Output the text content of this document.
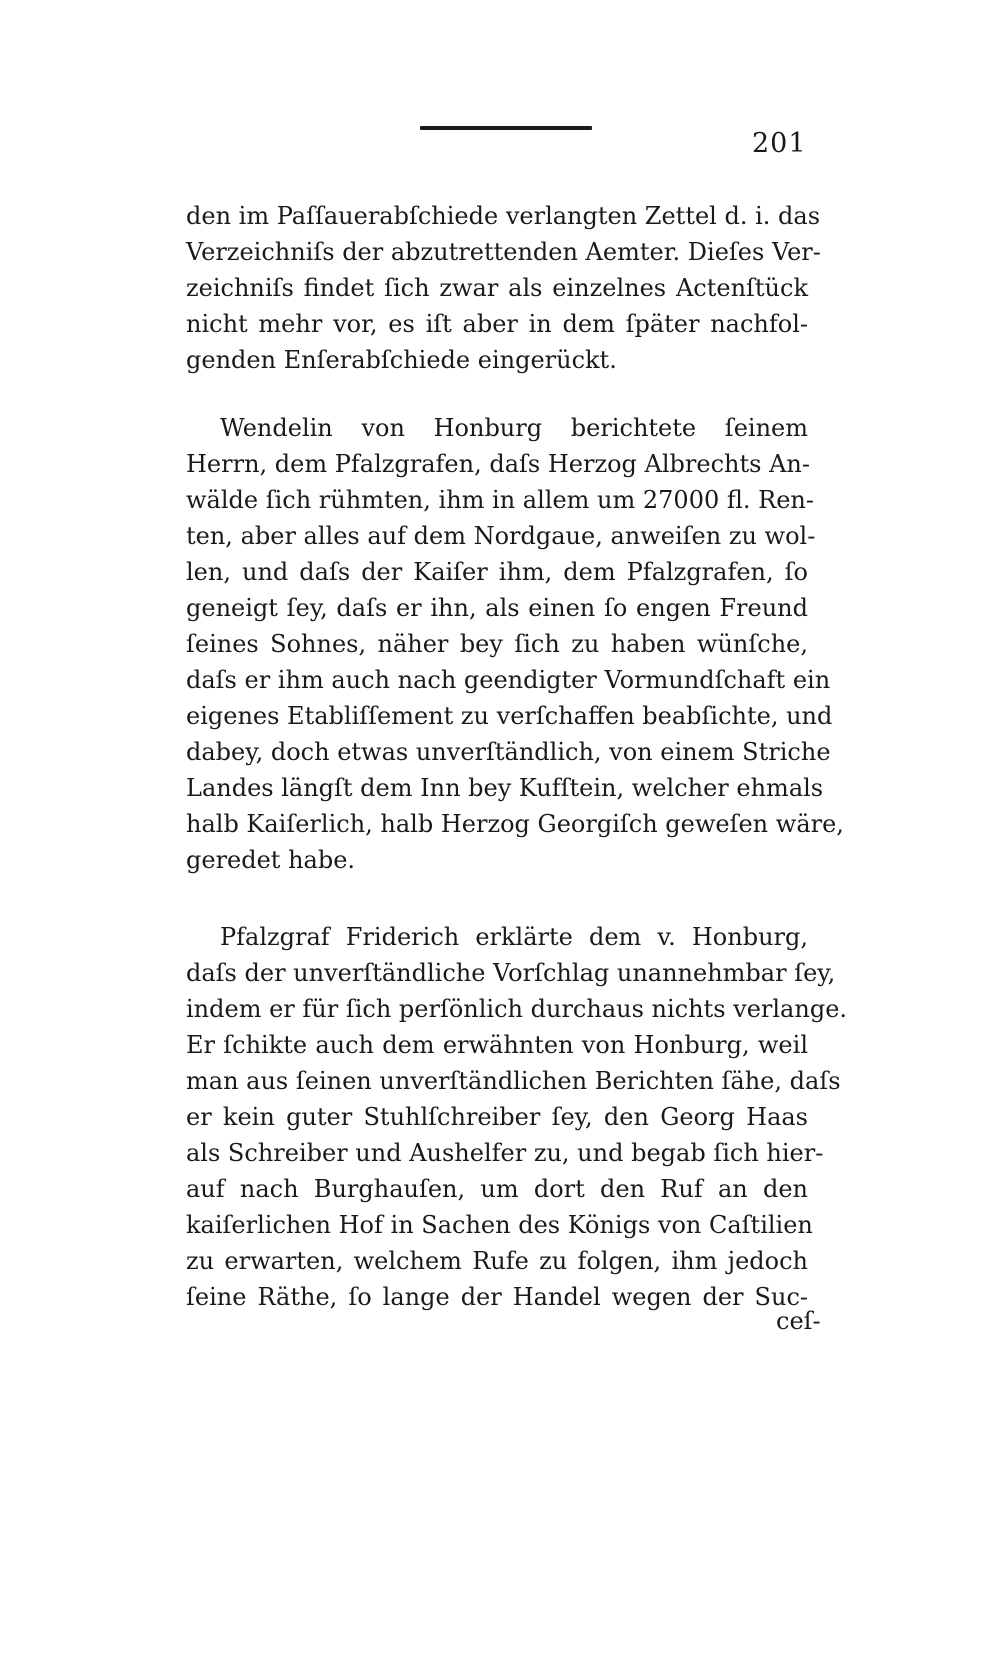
201
den im Paſſauerabſchiede verlangten Zettel d. i. das
Verzeichniſs der abzutrettenden Aemter. Dieſes Ver-
zeichniſs findet ſich zwar als einzelnes Actenſtück
nicht mehr vor, es iſt aber in dem ſpäter nachfol-
genden Enſerabſchiede eingerückt.
Wendelin von Honburg berichtete ſeinem
Herrn, dem Pfalzgrafen, daſs Herzog Albrechts An-
wälde ſich rühmten, ihm in allem um 27000 fl. Ren-
ten, aber alles auf dem Nordgaue, anweiſen zu wol-
len, und daſs der Kaiſer ihm, dem Pfalzgrafen, ſo
geneigt ſey, daſs er ihn, als einen ſo engen Freund
ſeines Sohnes, näher bey ſich zu haben wünſche,
daſs er ihm auch nach geendigter Vormundſchaft ein
eigenes Etabliſſement zu verſchaffen beabſichte, und
dabey, doch etwas unverſtändlich, von einem Striche
Landes längſt dem Inn bey Kufſtein, welcher ehmals
halb Kaiſerlich, halb Herzog Georgiſch geweſen wäre,
geredet habe.
Pfalzgraf Friderich erklärte dem v. Honburg,
daſs der unverſtändliche Vorſchlag unannehmbar ſey,
indem er für ſich perſönlich durchaus nichts verlange.
Er ſchikte auch dem erwähnten von Honburg, weil
man aus ſeinen unverſtändlichen Berichten ſähe, daſs
er kein guter Stuhlſchreiber ſey, den Georg Haas
als Schreiber und Aushelfer zu, und begab ſich hier-
auf nach Burghauſen, um dort den Ruf an den
kaiſerlichen Hof in Sachen des Königs von Caſtilien
zu erwarten, welchem Rufe zu folgen, ihm jedoch
ſeine Räthe, ſo lange der Handel wegen der Suc-
ceſ-
